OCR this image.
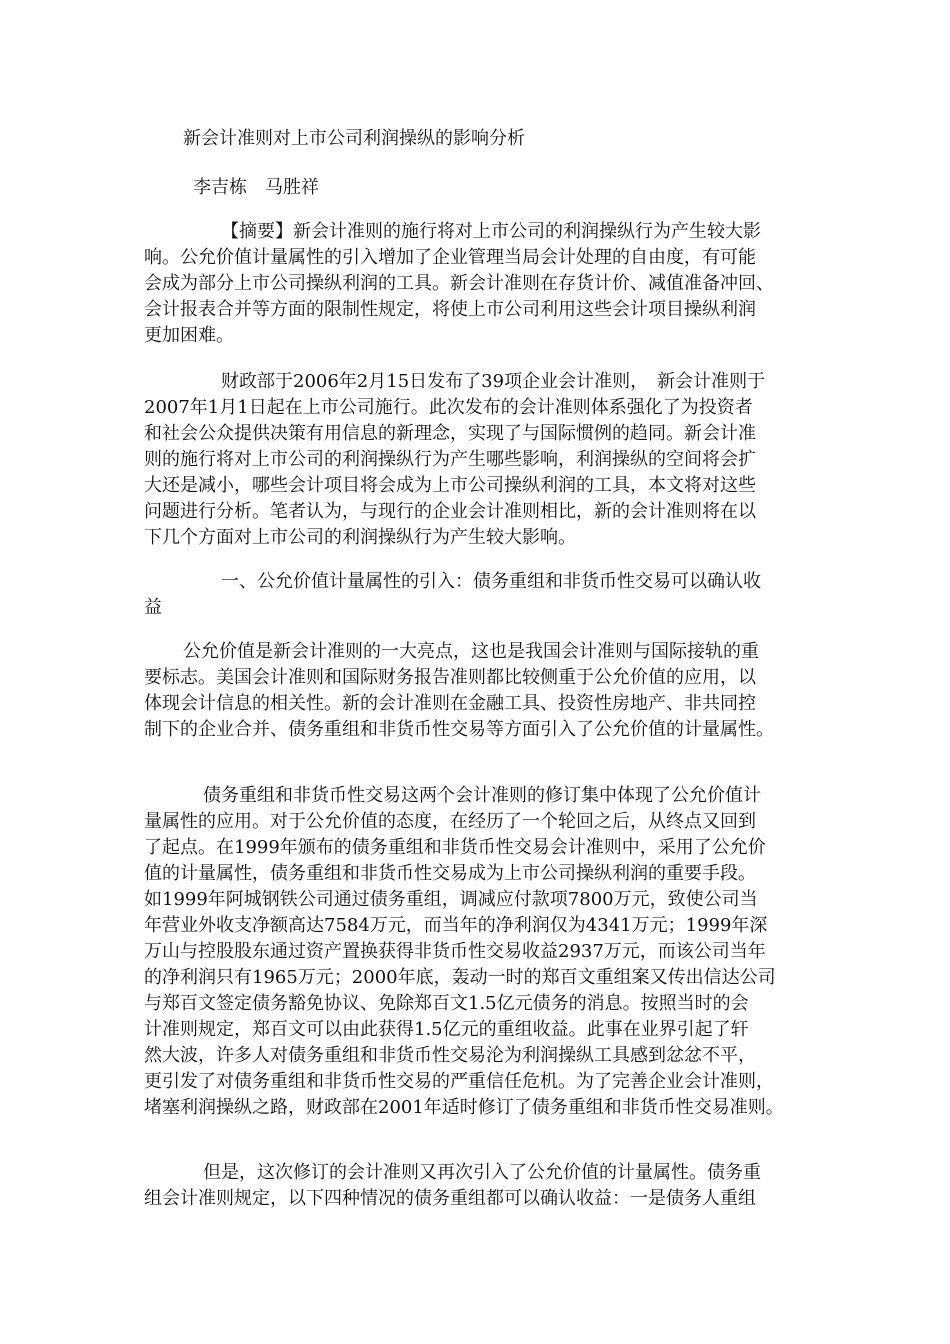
新会计准则对上市公司利润操纵的影响分析
李吉栋　马胜祥
【摘要】新会计准则的施行将对上市公司的利润操纵行为产生较大影
响。公允价值计量属性的引入增加了企业管理当局会计处理的自由度，有可能
会成为部分上市公司操纵利润的工具。新会计准则在存货计价、减值准备冲回、
会计报表合并等方面的限制性规定，将使上市公司利用这些会计项目操纵利润
更加困难。
财政部于2006年2月15日发布了39项企业会计准则，　新会计准则于
2007年1月1日起在上市公司施行。此次发布的会计准则体系强化了为投资者
和社会公众提供决策有用信息的新理念，实现了与国际惯例的趋同。新会计准
则的施行将对上市公司的利润操纵行为产生哪些影响，利润操纵的空间将会扩
大还是减小，哪些会计项目将会成为上市公司操纵利润的工具，本文将对这些
问题进行分析。笔者认为，与现行的企业会计准则相比，新的会计准则将在以
下几个方面对上市公司的利润操纵行为产生较大影响。
一、公允价值计量属性的引入：债务重组和非货币性交易可以确认收
益
公允价值是新会计准则的一大亮点，这也是我国会计准则与国际接轨的重
要标志。美国会计准则和国际财务报告准则都比较侧重于公允价值的应用，以
体现会计信息的相关性。新的会计准则在金融工具、投资性房地产、非共同控
制下的企业合并、债务重组和非货币性交易等方面引入了公允价值的计量属性。
债务重组和非货币性交易这两个会计准则的修订集中体现了公允价值计
量属性的应用。对于公允价值的态度，在经历了一个轮回之后，从终点又回到
了起点。在1999年颁布的债务重组和非货币性交易会计准则中，采用了公允价
值的计量属性，债务重组和非货币性交易成为上市公司操纵利润的重要手段。
如1999年阿城钢铁公司通过债务重组，调减应付款项7800万元，致使公司当
年营业外收支净额高达7584万元，而当年的净利润仅为4341万元；1999年深
万山与控股股东通过资产置换获得非货币性交易收益2937万元，而该公司当年
的净利润只有1965万元；2000年底，轰动一时的郑百文重组案又传出信达公司
与郑百文签定债务豁免协议、免除郑百文1.5亿元债务的消息。按照当时的会
计准则规定，郑百文可以由此获得1.5亿元的重组收益。此事在业界引起了轩
然大波，许多人对债务重组和非货币性交易沦为利润操纵工具感到忿忿不平，
更引发了对债务重组和非货币性交易的严重信任危机。为了完善企业会计准则，
堵塞利润操纵之路，财政部在2001年适时修订了债务重组和非货币性交易准则。
但是，这次修订的会计准则又再次引入了公允价值的计量属性。债务重
组会计准则规定，以下四种情况的债务重组都可以确认收益：一是债务人重组
